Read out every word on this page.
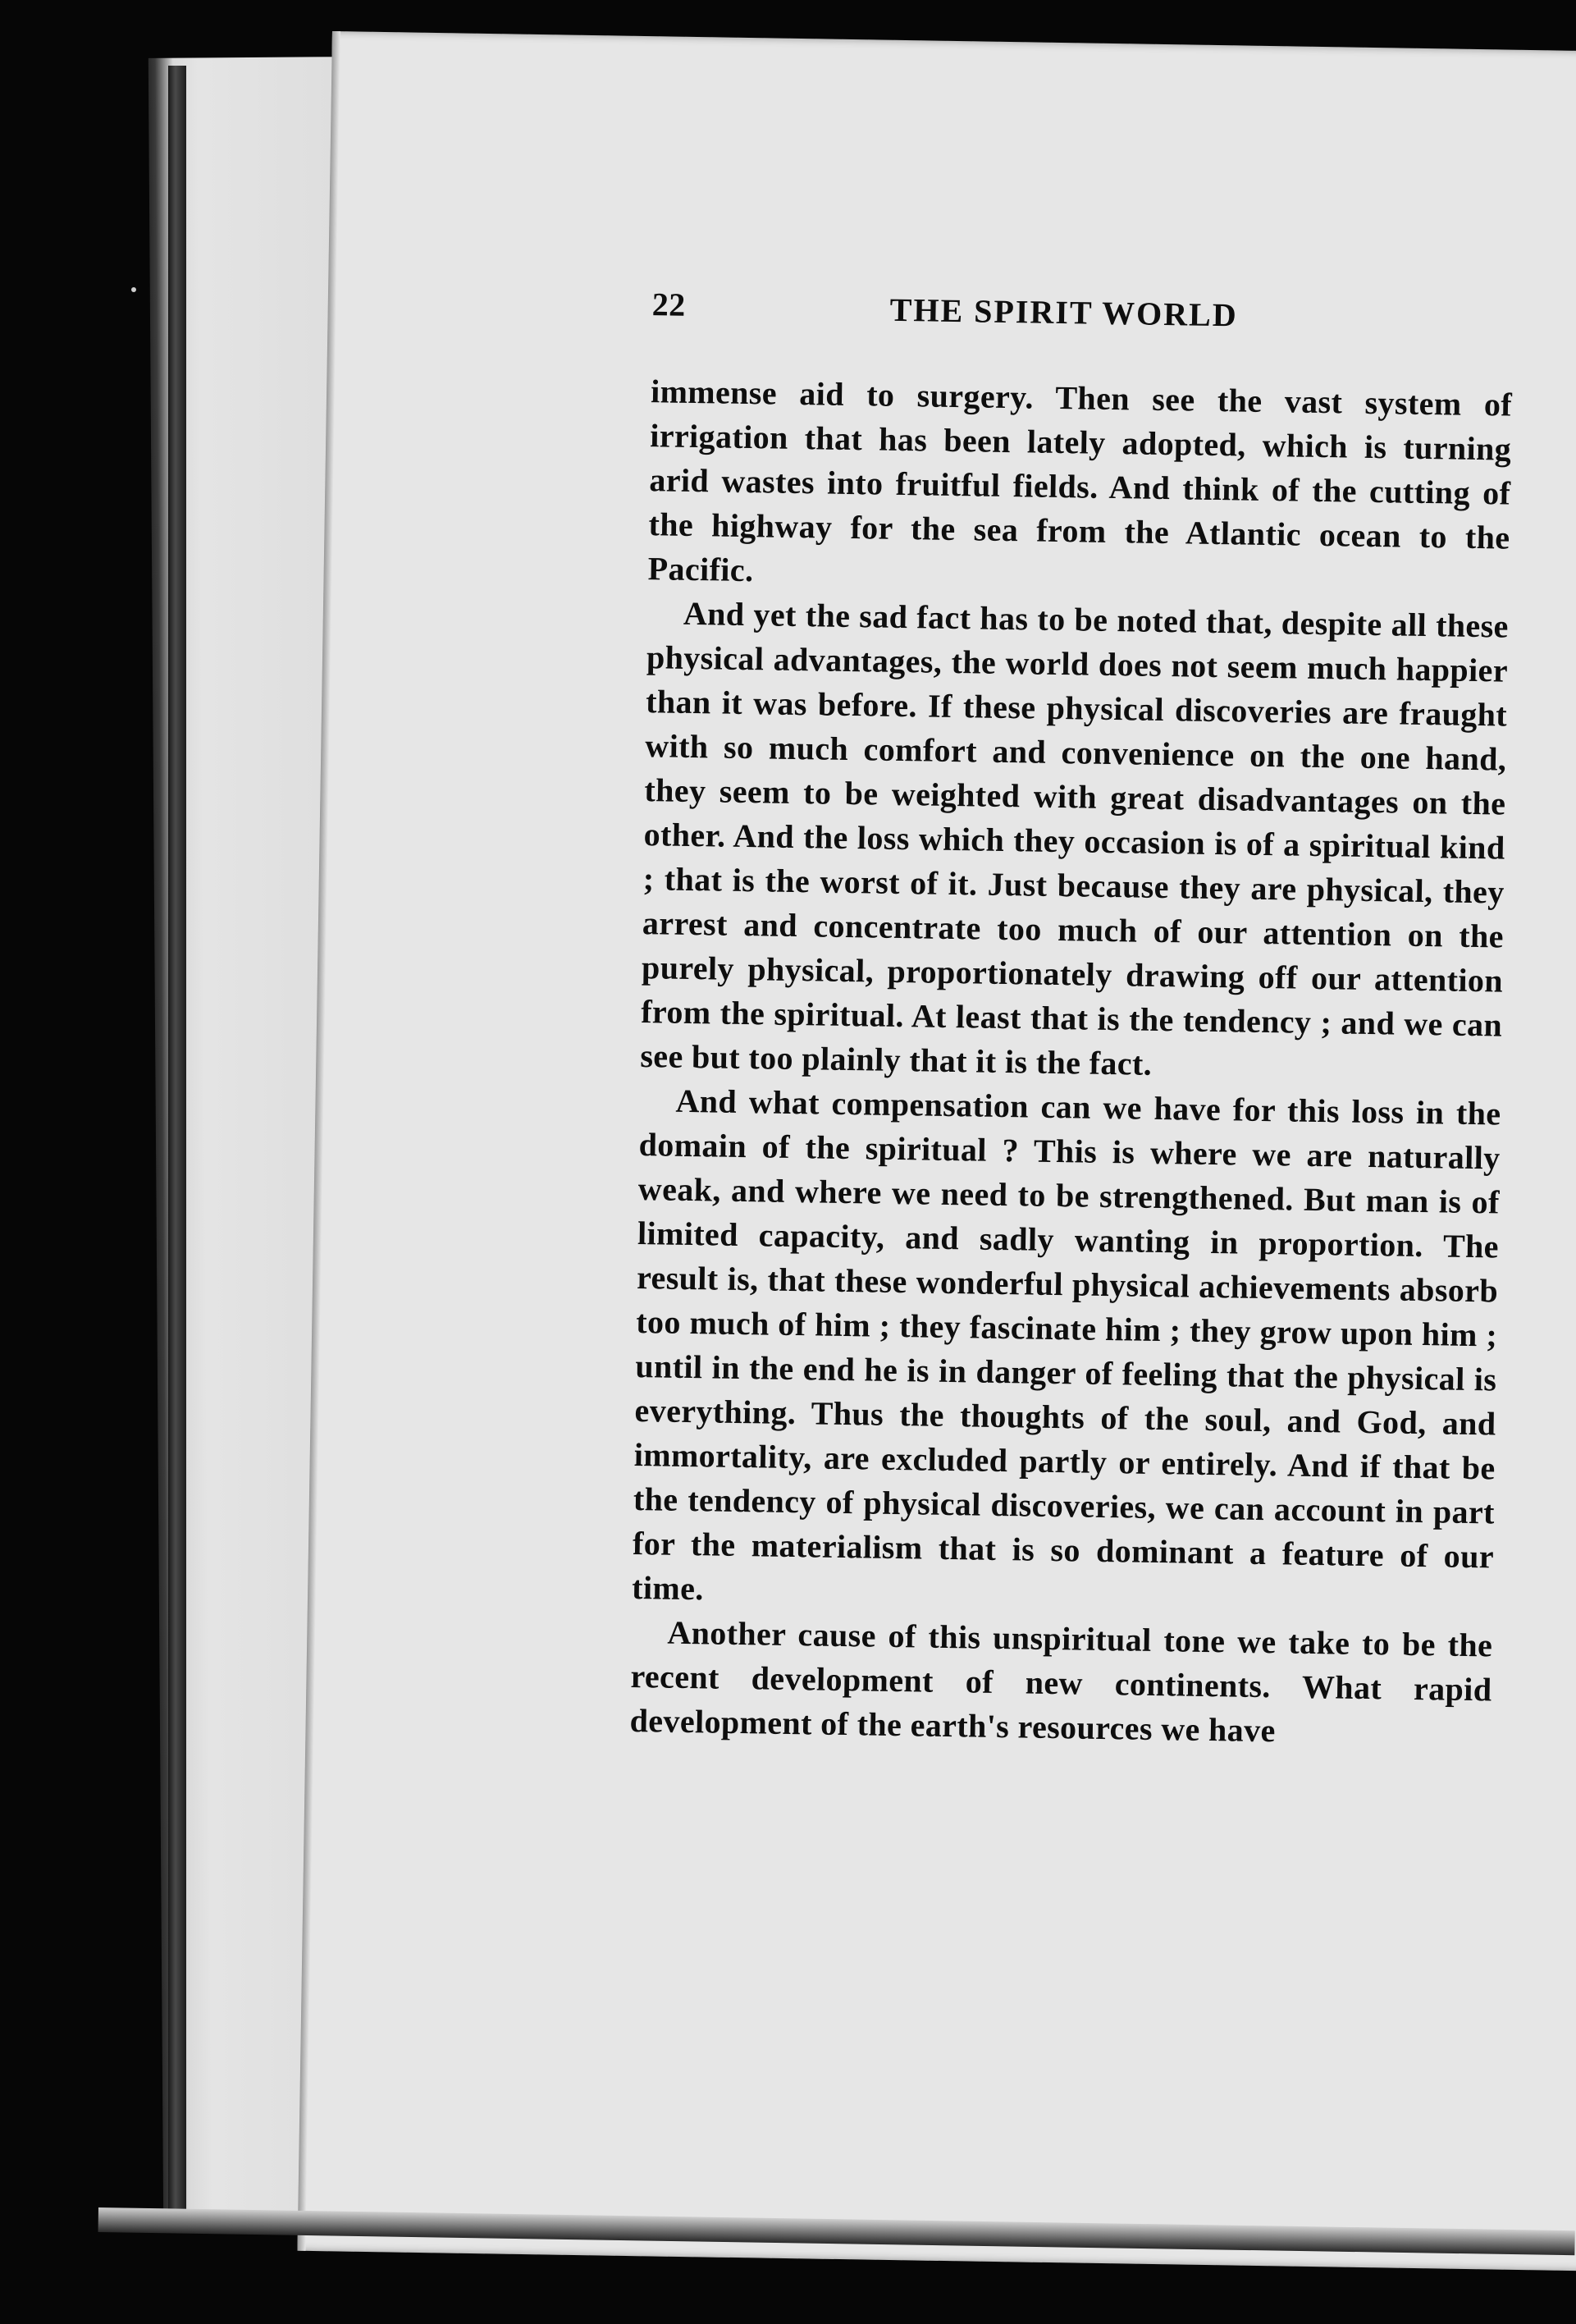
22	THE SPIRIT WORLD

immense aid to surgery. Then see the vast system of irrigation that has been lately adopted, which is turning arid wastes into fruitful fields. And think of the cutting of the highway for the sea from the Atlantic ocean to the Pacific.

And yet the sad fact has to be noted that, despite all these physical advantages, the world does not seem much happier than it was before. If these physical discoveries are fraught with so much comfort and convenience on the one hand, they seem to be weighted with great disadvantages on the other. And the loss which they occasion is of a spiritual kind ; that is the worst of it. Just because they are physical, they arrest and concentrate too much of our attention on the purely physical, proportionately drawing off our attention from the spiritual. At least that is the tendency ; and we can see but too plainly that it is the fact.

And what compensation can we have for this loss in the domain of the spiritual ? This is where we are naturally weak, and where we need to be strengthened. But man is of limited capacity, and sadly wanting in proportion. The result is, that these wonderful physical achievements absorb too much of him ; they fascinate him ; they grow upon him ; until in the end he is in danger of feeling that the physical is everything. Thus the thoughts of the soul, and God, and immortality, are excluded partly or entirely. And if that be the tendency of physical discoveries, we can account in part for the materialism that is so dominant a feature of our time.

Another cause of this unspiritual tone we take to be the recent development of new continents. What rapid development of the earth's resources we have
